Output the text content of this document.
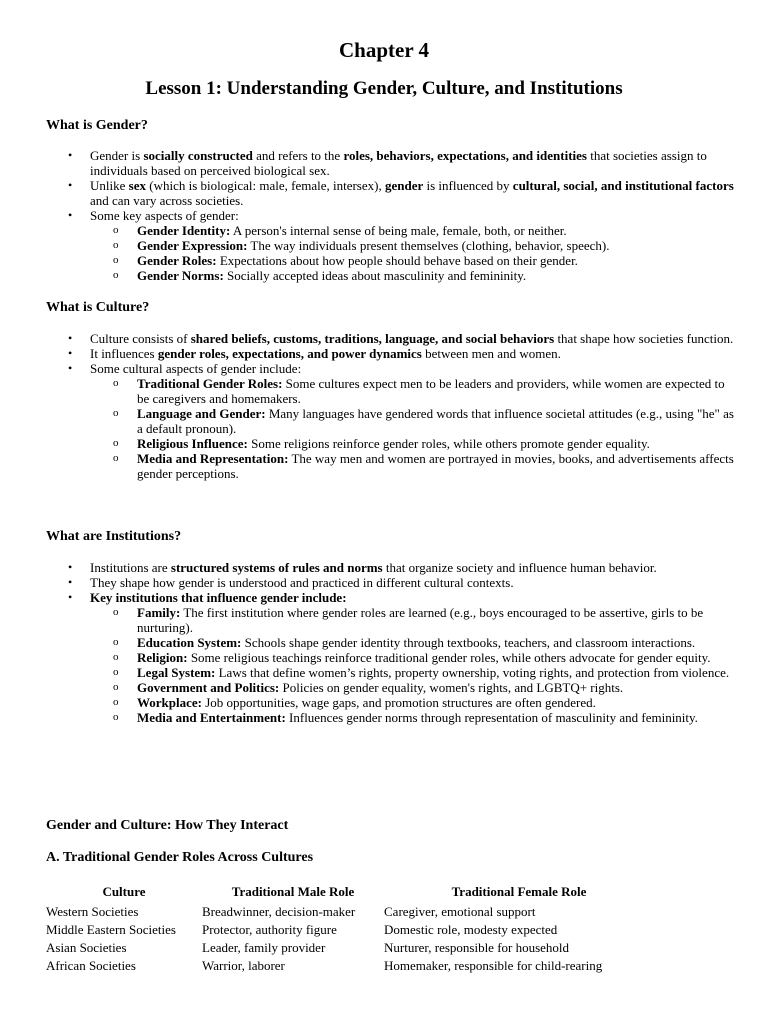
Chapter 4
Lesson 1: Understanding Gender, Culture, and Institutions
What is Gender?
• Gender is socially constructed and refers to the roles, behaviors, expectations, and identities that societies assign to individuals based on perceived biological sex.
• Unlike sex (which is biological: male, female, intersex), gender is influenced by cultural, social, and institutional factors and can vary across societies.
• Some key aspects of gender:
o Gender Identity: A person's internal sense of being male, female, both, or neither.
o Gender Expression: The way individuals present themselves (clothing, behavior, speech).
o Gender Roles: Expectations about how people should behave based on their gender.
o Gender Norms: Socially accepted ideas about masculinity and femininity.
What is Culture?
• Culture consists of shared beliefs, customs, traditions, language, and social behaviors that shape how societies function.
• It influences gender roles, expectations, and power dynamics between men and women.
• Some cultural aspects of gender include:
o Traditional Gender Roles: Some cultures expect men to be leaders and providers, while women are expected to be caregivers and homemakers.
o Language and Gender: Many languages have gendered words that influence societal attitudes (e.g., using "he" as a default pronoun).
o Religious Influence: Some religions reinforce gender roles, while others promote gender equality.
o Media and Representation: The way men and women are portrayed in movies, books, and advertisements affects gender perceptions.
What are Institutions?
• Institutions are structured systems of rules and norms that organize society and influence human behavior.
• They shape how gender is understood and practiced in different cultural contexts.
• Key institutions that influence gender include:
o Family: The first institution where gender roles are learned (e.g., boys encouraged to be assertive, girls to be nurturing).
o Education System: Schools shape gender identity through textbooks, teachers, and classroom interactions.
o Religion: Some religious teachings reinforce traditional gender roles, while others advocate for gender equity.
o Legal System: Laws that define women’s rights, property ownership, voting rights, and protection from violence.
o Government and Politics: Policies on gender equality, women's rights, and LGBTQ+ rights.
o Workplace: Job opportunities, wage gaps, and promotion structures are often gendered.
o Media and Entertainment: Influences gender norms through representation of masculinity and femininity.
Gender and Culture: How They Interact
A. Traditional Gender Roles Across Cultures
Culture	Traditional Male Role	Traditional Female Role
Western Societies	Breadwinner, decision-maker	Caregiver, emotional support
Middle Eastern Societies	Protector, authority figure	Domestic role, modesty expected
Asian Societies	Leader, family provider	Nurturer, responsible for household
African Societies	Warrior, laborer	Homemaker, responsible for child-rearing
